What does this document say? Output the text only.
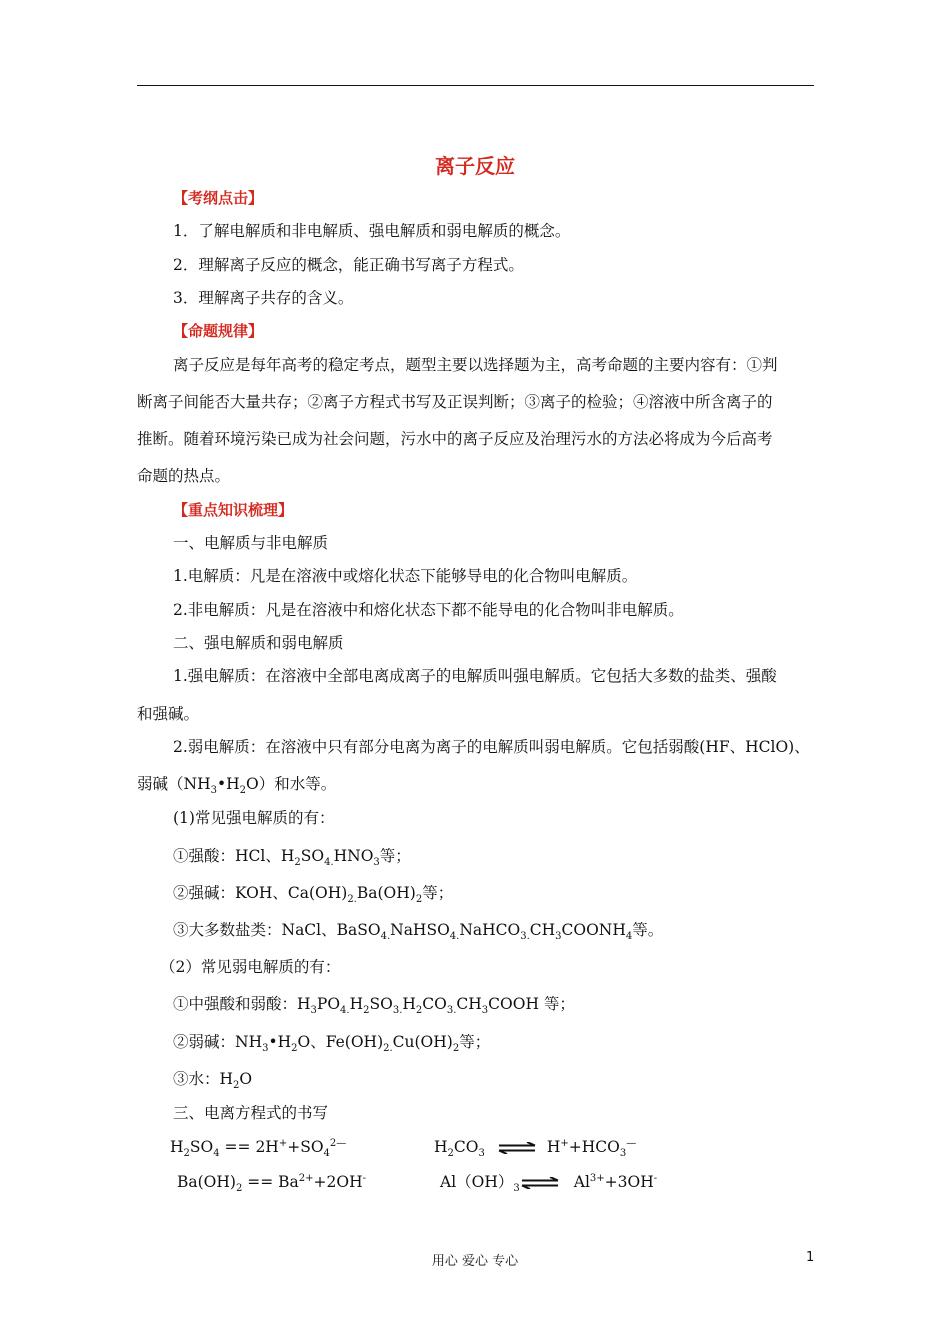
离子反应
【考纲点击】
1．了解电解质和非电解质、强电解质和弱电解质的概念。
2．理解离子反应的概念，能正确书写离子方程式。
3．理解离子共存的含义。
【命题规律】
离子反应是每年高考的稳定考点，题型主要以选择题为主，高考命题的主要内容有：①判
断离子间能否大量共存；②离子方程式书写及正误判断；③离子的检验；④溶液中所含离子的
推断。随着环境污染已成为社会问题，污水中的离子反应及治理污水的方法必将成为今后高考
命题的热点。
【重点知识梳理】
一、电解质与非电解质
1.电解质：凡是在溶液中或熔化状态下能够导电的化合物叫电解质。
2.非电解质：凡是在溶液中和熔化状态下都不能导电的化合物叫非电解质。
二、强电解质和弱电解质
1.强电解质：在溶液中全部电离成离子的电解质叫强电解质。它包括大多数的盐类、强酸
和强碱。
2.弱电解质：在溶液中只有部分电离为离子的电解质叫弱电解质。它包括弱酸(HF、HClO)、
弱碱$(NH_3•H_2O)$和水等。
(1)常见强电解质的有：
①强酸：HCl、$H_2SO_{4.}HNO_3$等；
②强碱：KOH、$Ca(OH)_{2.}Ba(OH)_2$等；
③大多数盐类：NaCl、$BaSO_{4.}NaHSO_{4.}NaHCO_{3.}CH_3COONH_4$等。
（2）常见弱电解质的有：
①中强酸和弱酸：$H_3PO_{4.}H_2SO_{3.}H_2CO_{3.}CH_3COOH$ 等；
②弱碱：$NH_3•H_2O$、$Fe(OH)_{2.}Cu(OH)_2$等；
③水：$H_2O$
三、电离方程式的书写
$H_2SO_4 == 2H^++SO_4^{2—}$	$H_2CO_3$ ⇌ $H^++HCO_3^—$
$Ba(OH)_2 == Ba^{2+}+2OH^-$	$Al(OH)_3\rightleftharpoons$ $Al^{3+}+3OH^-$
用心 爱心 专心	1
